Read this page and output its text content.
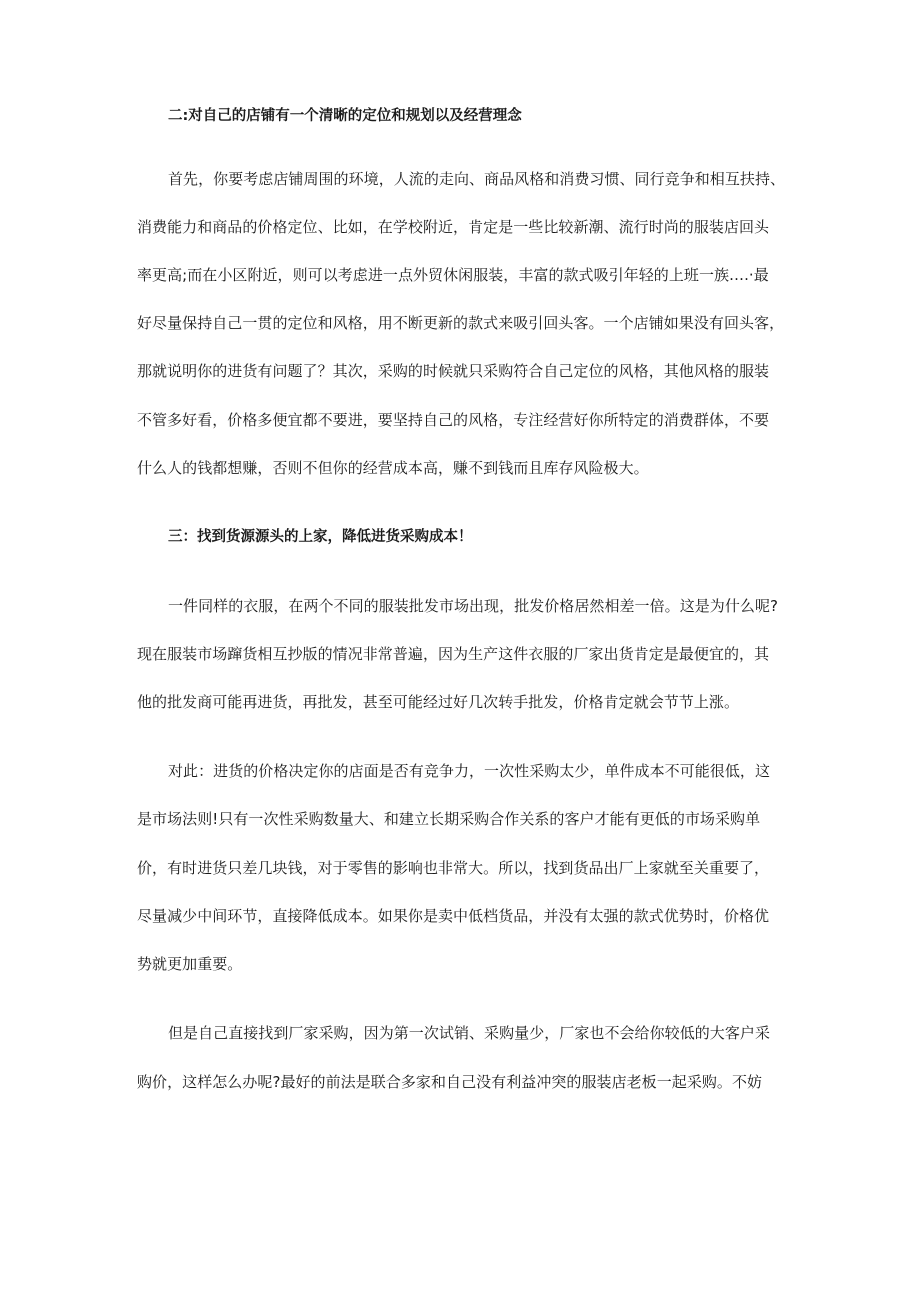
二:对自己的店铺有一个清晰的定位和规划以及经营理念
首先，你要考虑店铺周围的环境，人流的走向、商品风格和消费习惯、同行竞争和相互扶持、
消费能力和商品的价格定位、比如，在学校附近，肯定是一些比较新潮、流行时尚的服装店回头
率更高;而在小区附近，则可以考虑进一点外贸休闲服装，丰富的款式吸引年轻的上班一族….·最
好尽量保持自己一贯的定位和风格，用不断更新的款式来吸引回头客。一个店铺如果没有回头客，
那就说明你的进货有问题了？其次，采购的时候就只采购符合自己定位的风格，其他风格的服装
不管多好看，价格多便宜都不要进，要坚持自己的风格，专注经营好你所特定的消费群体，不要
什么人的钱都想赚，否则不但你的经营成本高，赚不到钱而且库存风险极大。
三：找到货源源头的上家，降低进货采购成本！
一件同样的衣服，在两个不同的服装批发市场出现，批发价格居然相差一倍。这是为什么呢?
现在服装市场蹿货相互抄版的情况非常普遍，因为生产这件衣服的厂家出货肯定是最便宜的，其
他的批发商可能再进货，再批发，甚至可能经过好几次转手批发，价格肯定就会节节上涨。
对此：进货的价格决定你的店面是否有竞争力，一次性采购太少，单件成本不可能很低，这
是市场法则!只有一次性采购数量大、和建立长期采购合作关系的客户才能有更低的市场采购单
价，有时进货只差几块钱，对于零售的影响也非常大。所以，找到货品出厂上家就至关重要了，
尽量减少中间环节，直接降低成本。如果你是卖中低档货品，并没有太强的款式优势时，价格优
势就更加重要。
但是自己直接找到厂家采购，因为第一次试销、采购量少，厂家也不会给你较低的大客户采
购价，这样怎么办呢?最好的前法是联合多家和自己没有利益冲突的服装店老板一起采购。不妨
